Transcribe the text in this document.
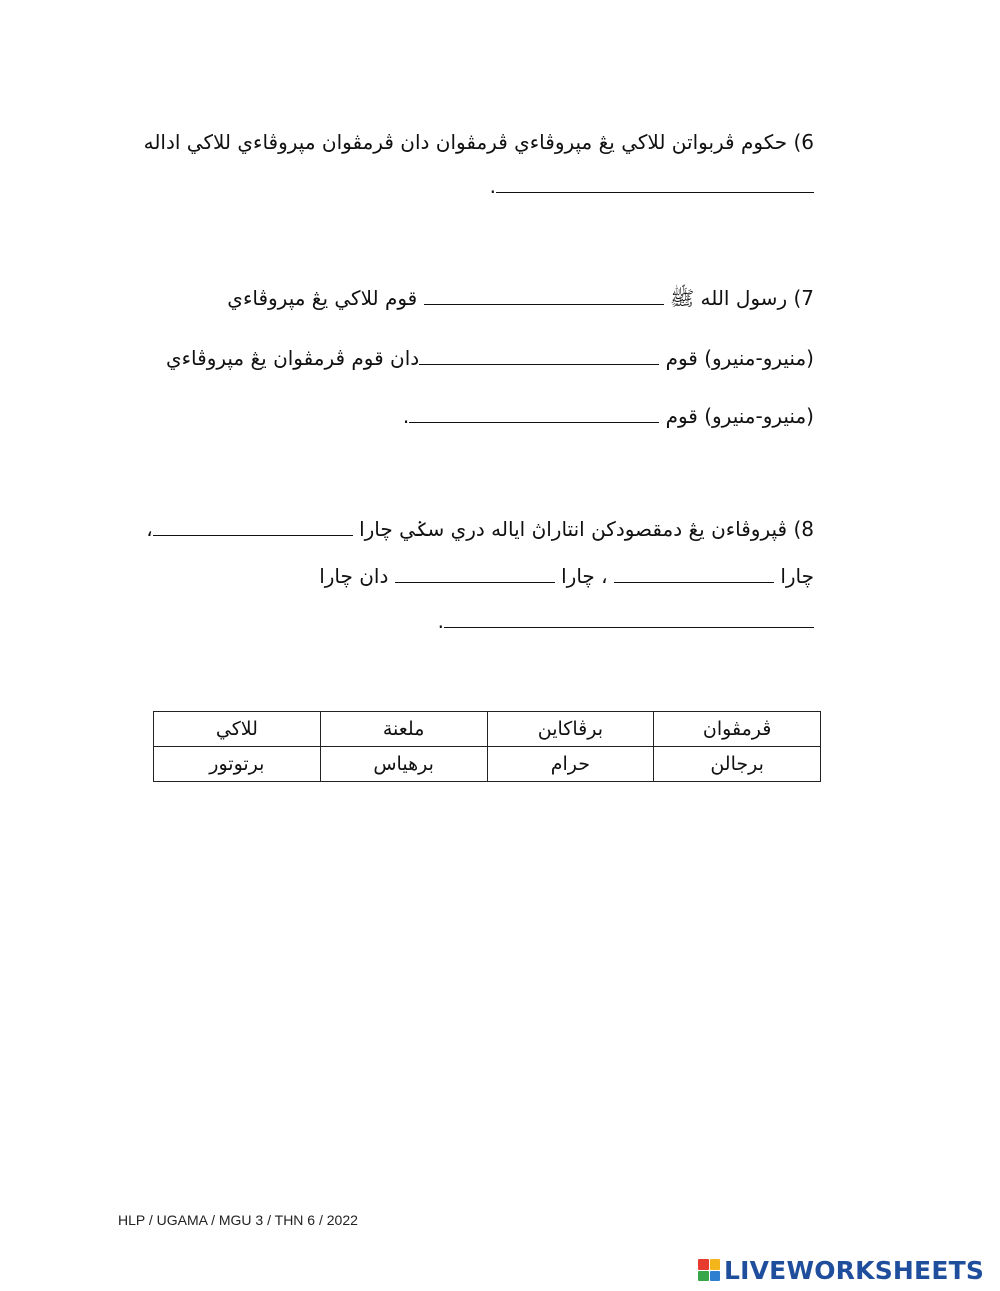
6) حکوم ڤربواتن للاکي يڠ مپروڤاءي ڤرمڤوان دان ڤرمڤوان مپروڤاءي للاکي اداله
.
7) رسول الله ﷺ  قوم للاکي يڠ مپروڤاءي
(منيرو-منيرو) قوم دان قوم ڤرمڤوان يڠ مپروڤاءي
(منيرو-منيرو) قوم .
8) ڤپروڤاءن يڠ دمقصودکن انتاراڽ اياله دري سݢي چارا ،
چارا  ، چارا  دان چارا
.
ڤرمڤوان	برڤاکاين	ملعنة	للاکي
برجالن	حرام	برهياس	برتوتور
HLP / UGAMA / MGU 3 / THN 6 / 2022
LIVEWORKSHEETS
